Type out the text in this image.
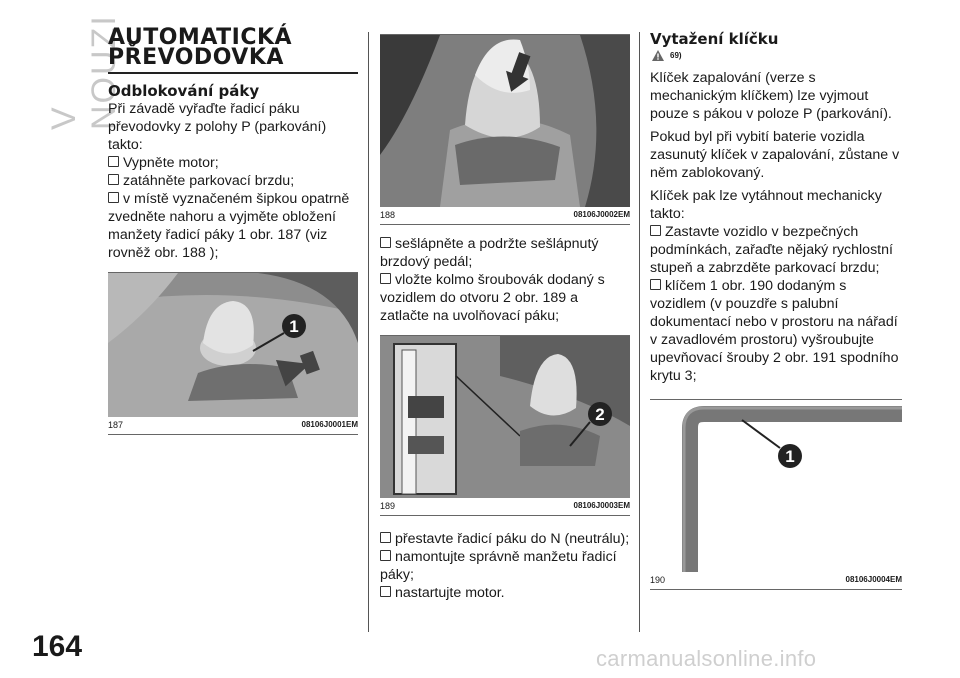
V NOUZI
164
AUTOMATICKÁ PŘEVODOVKA
Odblokování páky

Při závadě vyřaďte řadicí páku převodovky z polohy P (parkování) takto:

Vypněte motor;

zatáhněte parkovací brzdu;

v místě vyznačeném šipkou opatrně zvedněte nahoru a vyjměte obložení manžety řadicí páky 1 obr. 187 (viz rovněž obr. 188 );

1
187	08106J0001EM
188	08106J0002EM

sešlápněte a podržte sešlápnutý brzdový pedál;

vložte kolmo šroubovák dodaný s vozidlem do otvoru 2 obr. 189 a zatlačte na uvolňovací páku;

2
189	08106J0003EM

přestavte řadicí páku do N (neutrálu);

namontujte správně manžetu řadicí páky;

nastartujte motor.

Vytažení klíčku
69)

Klíček zapalování (verze s mechanickým klíčkem) lze vyjmout pouze s pákou v poloze P (parkování).

Pokud byl při vybití baterie vozidla zasunutý klíček v zapalování, zůstane v něm zablokovaný.

Klíček pak lze vytáhnout mechanicky takto:

Zastavte vozidlo v bezpečných podmínkách, zařaďte nějaký rychlostní stupeň a zabrzděte parkovací brzdu;

klíčem 1 obr. 190 dodaným s vozidlem (v pouzdře s palubní dokumentací nebo v prostoru na nářadí v zavadlovém prostoru) vyšroubujte upevňovací šrouby 2 obr. 191 spodního krytu 3;

1
190	08106J0004EM
carmanualsonline.info
